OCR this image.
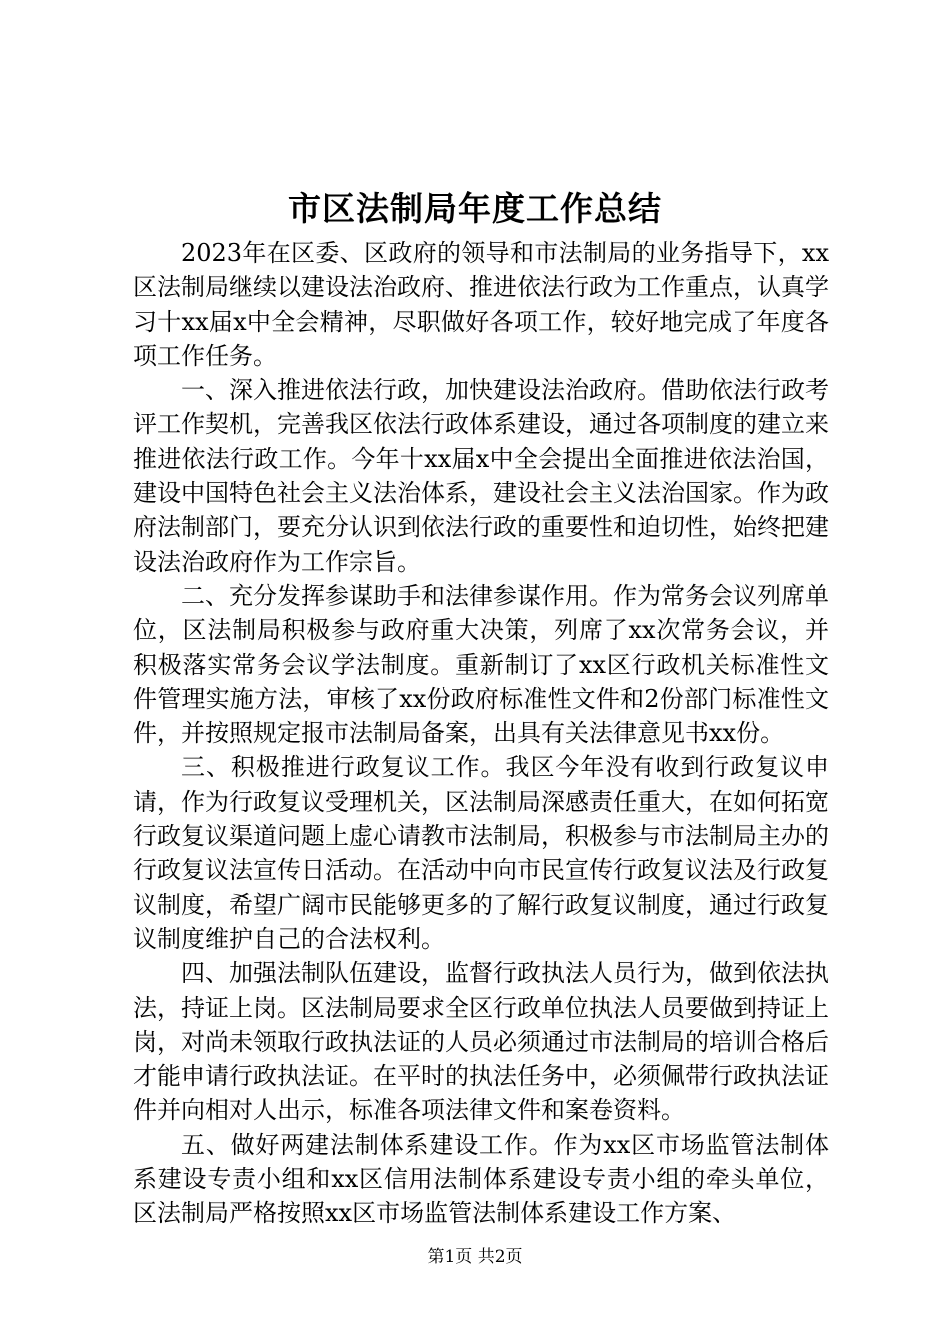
市区法制局年度工作总结

2023年在区委、区政府的领导和市法制局的业务指导下，xx区法制局继续以建设法治政府、推进依法行政为工作重点，认真学习十xx届x中全会精神，尽职做好各项工作，较好地完成了年度各项工作任务。

一、深入推进依法行政，加快建设法治政府。借助依法行政考评工作契机，完善我区依法行政体系建设，通过各项制度的建立来推进依法行政工作。今年十xx届x中全会提出全面推进依法治国，建设中国特色社会主义法治体系，建设社会主义法治国家。作为政府法制部门，要充分认识到依法行政的重要性和迫切性，始终把建设法治政府作为工作宗旨。

二、充分发挥参谋助手和法律参谋作用。作为常务会议列席单位，区法制局积极参与政府重大决策，列席了xx次常务会议，并积极落实常务会议学法制度。重新制订了xx区行政机关标准性文件管理实施方法，审核了xx份政府标准性文件和2份部门标准性文件，并按照规定报市法制局备案，出具有关法律意见书xx份。

三、积极推进行政复议工作。我区今年没有收到行政复议申请，作为行政复议受理机关，区法制局深感责任重大，在如何拓宽行政复议渠道问题上虚心请教市法制局，积极参与市法制局主办的行政复议法宣传日活动。在活动中向市民宣传行政复议法及行政复议制度，希望广阔市民能够更多的了解行政复议制度，通过行政复议制度维护自己的合法权利。

四、加强法制队伍建设，监督行政执法人员行为，做到依法执法，持证上岗。区法制局要求全区行政单位执法人员要做到持证上岗，对尚未领取行政执法证的人员必须通过市法制局的培训合格后才能申请行政执法证。在平时的执法任务中，必须佩带行政执法证件并向相对人出示，标准各项法律文件和案卷资料。

五、做好两建法制体系建设工作。作为xx区市场监管法制体系建设专责小组和xx区信用法制体系建设专责小组的牵头单位，区法制局严格按照xx区市场监管法制体系建设工作方案、

第1页 共2页
